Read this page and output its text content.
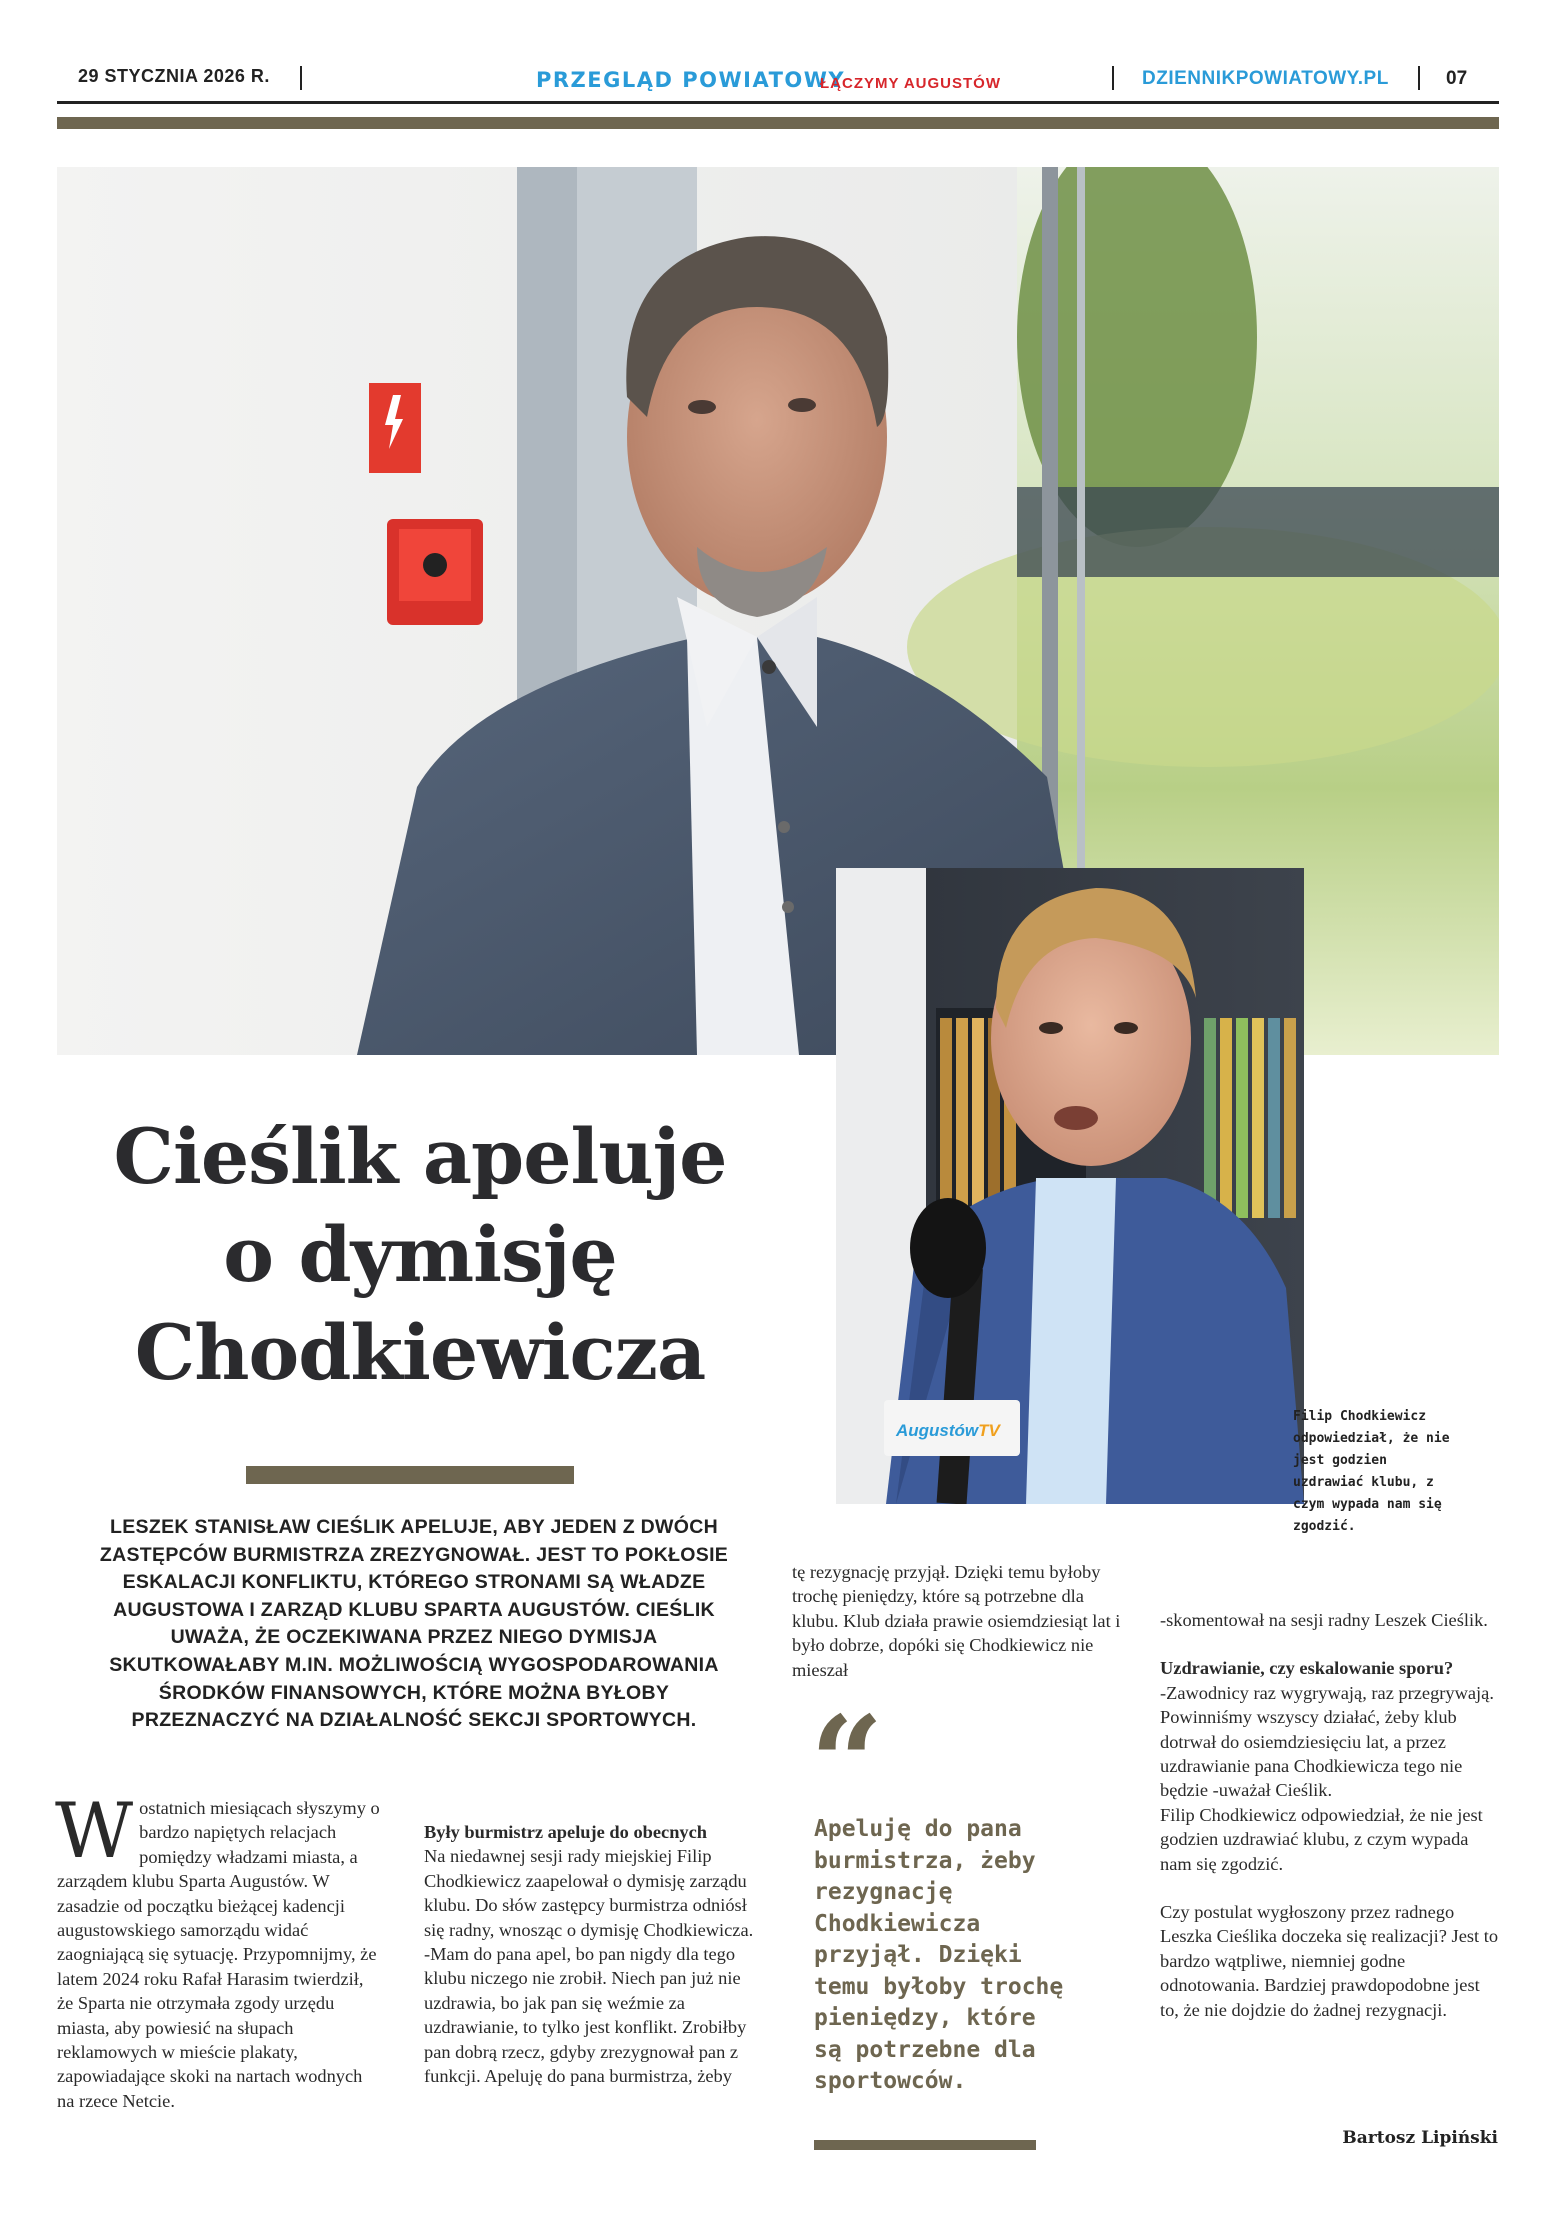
29 STYCZNIA 2026 R.	PRZEGLĄD POWIATOWY
ŁĄCZYMY AUGUSTÓW	DZIENNIKPOWIATOWY.PL	07
AugustówTV
Filip Chodkiewicz odpowiedział, że nie jest godzien uzdrawiać klubu, z czym wypada nam się zgodzić.
Cieślik apeluje
o dymisję
Chodkiewicza
LESZEK STANISŁAW CIEŚLIK APELUJE, ABY JEDEN Z DWÓCH ZASTĘPCÓW BURMISTRZA ZREZYGNOWAŁ. JEST TO POKŁOSIE ESKALACJI KONFLIKTU, KTÓREGO STRONAMI SĄ WŁADZE AUGUSTOWA I ZARZĄD KLUBU SPARTA AUGUSTÓW. CIEŚLIK UWAŻA, ŻE OCZEKIWANA PRZEZ NIEGO DYMISJA SKUTKOWAŁABY M.IN. MOŻLIWOŚCIĄ WYGOSPODAROWANIA ŚRODKÓW FINANSOWYCH, KTÓRE MOŻNA BYŁOBY PRZEZNACZYĆ NA DZIAŁALNOŚĆ SEKCJI SPORTOWYCH.
W ostatnich miesiącach słyszymy o bardzo napiętych relacjach pomiędzy władzami miasta, a zarządem klubu Sparta Augustów. W zasadzie od początku bieżącej kadencji augustowskiego samorządu widać zaogniającą się sytuację. Przypomnijmy, że latem 2024 roku Rafał Harasim twierdził, że Sparta nie otrzymała zgody urzędu miasta, aby powiesić na słupach reklamowych w mieście plakaty, zapowiadające skoki na nartach wodnych na rzece Netcie.

Były burmistrz apeluje do obecnych

Na niedawnej sesji rady miejskiej Filip Chodkiewicz zaapelował o dymisję zarządu klubu. Do słów zastępcy burmistrza odniósł się radny, wnosząc o dymisję Chodkiewicza.

-Mam do pana apel, bo pan nigdy dla tego klubu niczego nie zrobił. Niech pan już nie uzdrawia, bo jak pan się weźmie za uzdrawianie, to tylko jest konflikt. Zrobiłby pan dobrą rzecz, gdyby zrezygnował pan z funkcji. Apeluję do pana burmistrza, żeby

tę rezygnację przyjął. Dzięki temu byłoby trochę pieniędzy, które są potrzebne dla klubu. Klub działa prawie osiemdziesiąt lat i było dobrze, dopóki się Chodkiewicz nie mieszał

“
Apeluję do pana burmistrza, żeby rezygnację Chodkiewicza przyjął. Dzięki temu byłoby trochę pieniędzy, które są potrzebne dla sportowców.

-skomentował na sesji radny Leszek Cieślik.

Uzdrawianie, czy eskalowanie sporu?

-Zawodnicy raz wygrywają, raz przegrywają. Powinniśmy wszyscy działać, żeby klub dotrwał do osiemdziesięciu lat, a przez uzdrawianie pana Chodkiewicza tego nie będzie -uważał Cieślik.

Filip Chodkiewicz odpowiedział, że nie jest godzien uzdrawiać klubu, z czym wypada nam się zgodzić.

Czy postulat wygłoszony przez radnego Leszka Cieślika doczeka się realizacji? Jest to bardzo wątpliwe, niemniej godne odnotowania. Bardziej prawdopodobne jest to, że nie dojdzie do żadnej rezygnacji.

Bartosz Lipiński
